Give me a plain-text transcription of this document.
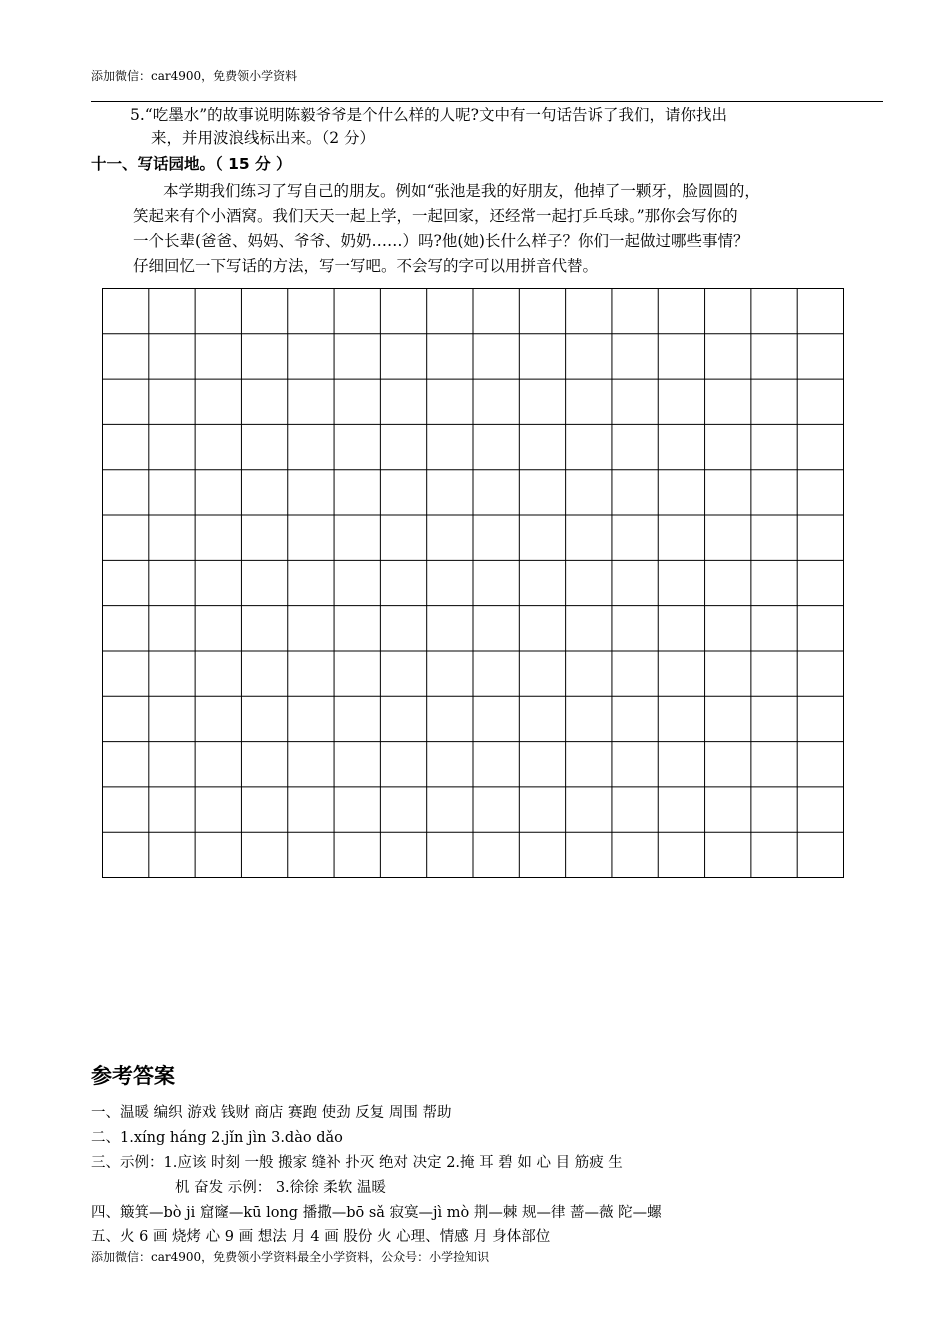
添加微信：car4900，免费领小学资料
5.“吃墨水”的故事说明陈毅爷爷是个什么样的人呢?文中有一句话告诉了我们，请你找出
来，并用波浪线标出来。（2 分）
十一、写话园地。（ 15 分 ）
本学期我们练习了写自己的朋友。例如“张池是我的好朋友，他掉了一颗牙，脸圆圆的，
笑起来有个小酒窝。我们天天一起上学，一起回家，还经常一起打乒乓球。”那你会写你的
一个长辈(爸爸、妈妈、爷爷、奶奶……）吗?他(她)长什么样子？你们一起做过哪些事情？
仔细回忆一下写话的方法，写一写吧。不会写的字可以用拼音代替。
参考答案
一、温暖 编织 游戏 钱财 商店 赛跑 使劲 反复 周围 帮助
二、1.xíng háng 2.jǐn jìn 3.dào dǎo
三、示例：1.应该 时刻 一般 搬家 缝补 扑灭 绝对 决定 2.掩 耳 碧 如 心 目 筋疲 生
机 奋发 示例： 3.徐徐 柔软 温暖
四、簸箕—bò ji 窟窿—kū long 播撒—bō sǎ 寂寞—jì mò 荆—棘 规—律 蔷—薇 陀—螺
五、火 6 画 烧烤 心 9 画 想法 月 4 画 股份 火 心理、情感 月 身体部位
添加微信：car4900，免费领小学资料最全小学资料，公众号：小学捡知识
